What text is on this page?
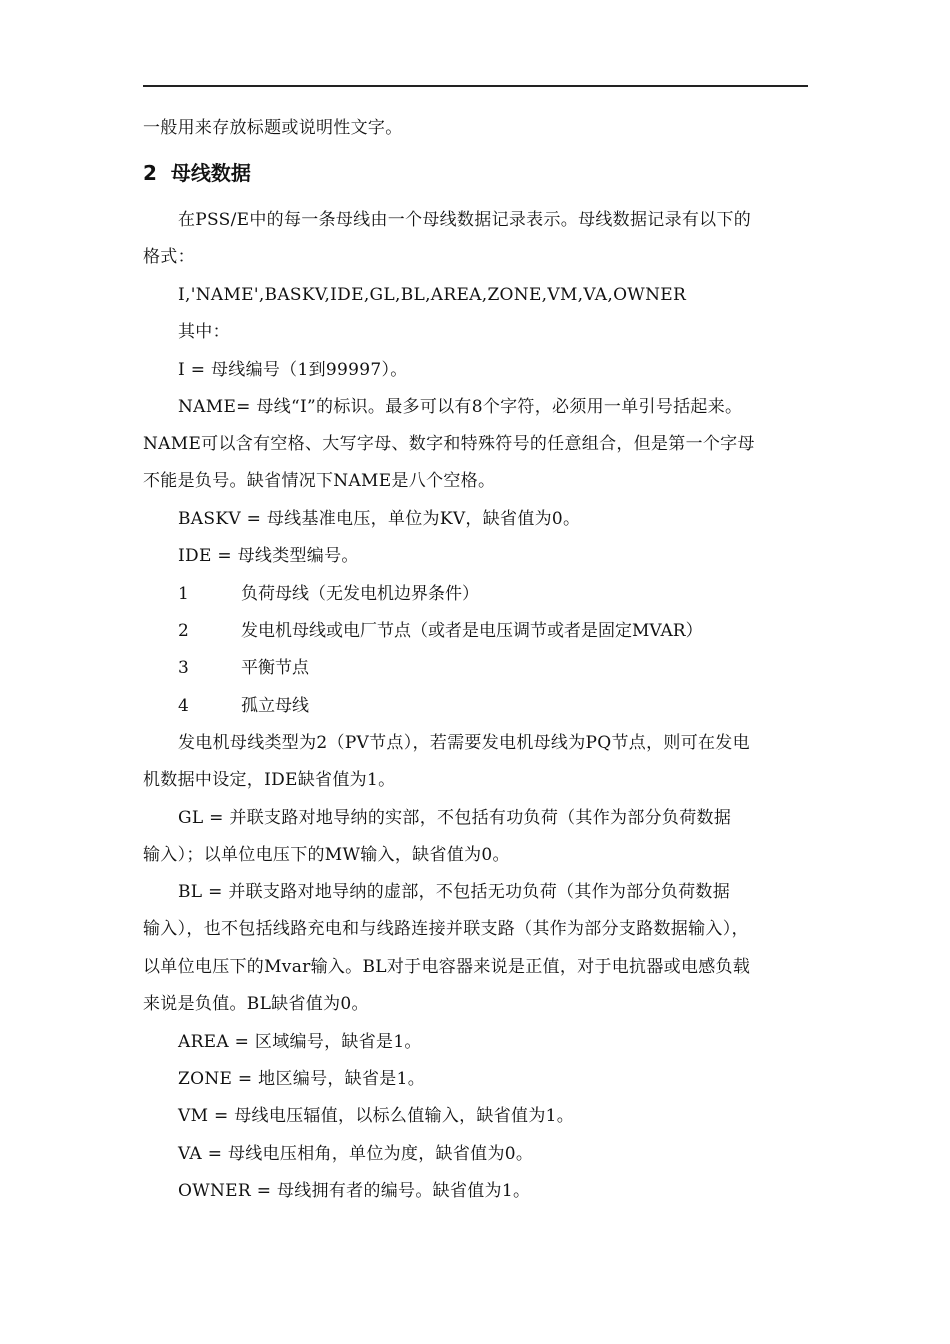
一般用来存放标题或说明性文字。
2 母线数据
在PSS/E中的每一条母线由一个母线数据记录表示。母线数据记录有以下的
格式：
I,'NAME',BASKV,IDE,GL,BL,AREA,ZONE,VM,VA,OWNER
其中：
I = 母线编号（1到99997）。
NAME= 母线“I”的标识。最多可以有8个字符，必须用一单引号括起来。
NAME可以含有空格、大写字母、数字和特殊符号的任意组合，但是第一个字母
不能是负号。缺省情况下NAME是八个空格。
BASKV = 母线基准电压，单位为KV，缺省值为0。
IDE = 母线类型编号。
1	负荷母线（无发电机边界条件）
2	发电机母线或电厂节点（或者是电压调节或者是固定MVAR）
3	平衡节点
4	孤立母线
发电机母线类型为2（PV节点），若需要发电机母线为PQ节点，则可在发电
机数据中设定，IDE缺省值为1。
GL = 并联支路对地导纳的实部，不包括有功负荷（其作为部分负荷数据
输入）；以单位电压下的MW输入，缺省值为0。
BL = 并联支路对地导纳的虚部，不包括无功负荷（其作为部分负荷数据
输入），也不包括线路充电和与线路连接并联支路（其作为部分支路数据输入），
以单位电压下的Mvar输入。BL对于电容器来说是正值，对于电抗器或电感负载
来说是负值。BL缺省值为0。
AREA = 区域编号，缺省是1。
ZONE = 地区编号，缺省是1。
VM = 母线电压辐值，以标么值输入，缺省值为1。
VA = 母线电压相角，单位为度，缺省值为0。
OWNER = 母线拥有者的编号。缺省值为1。
